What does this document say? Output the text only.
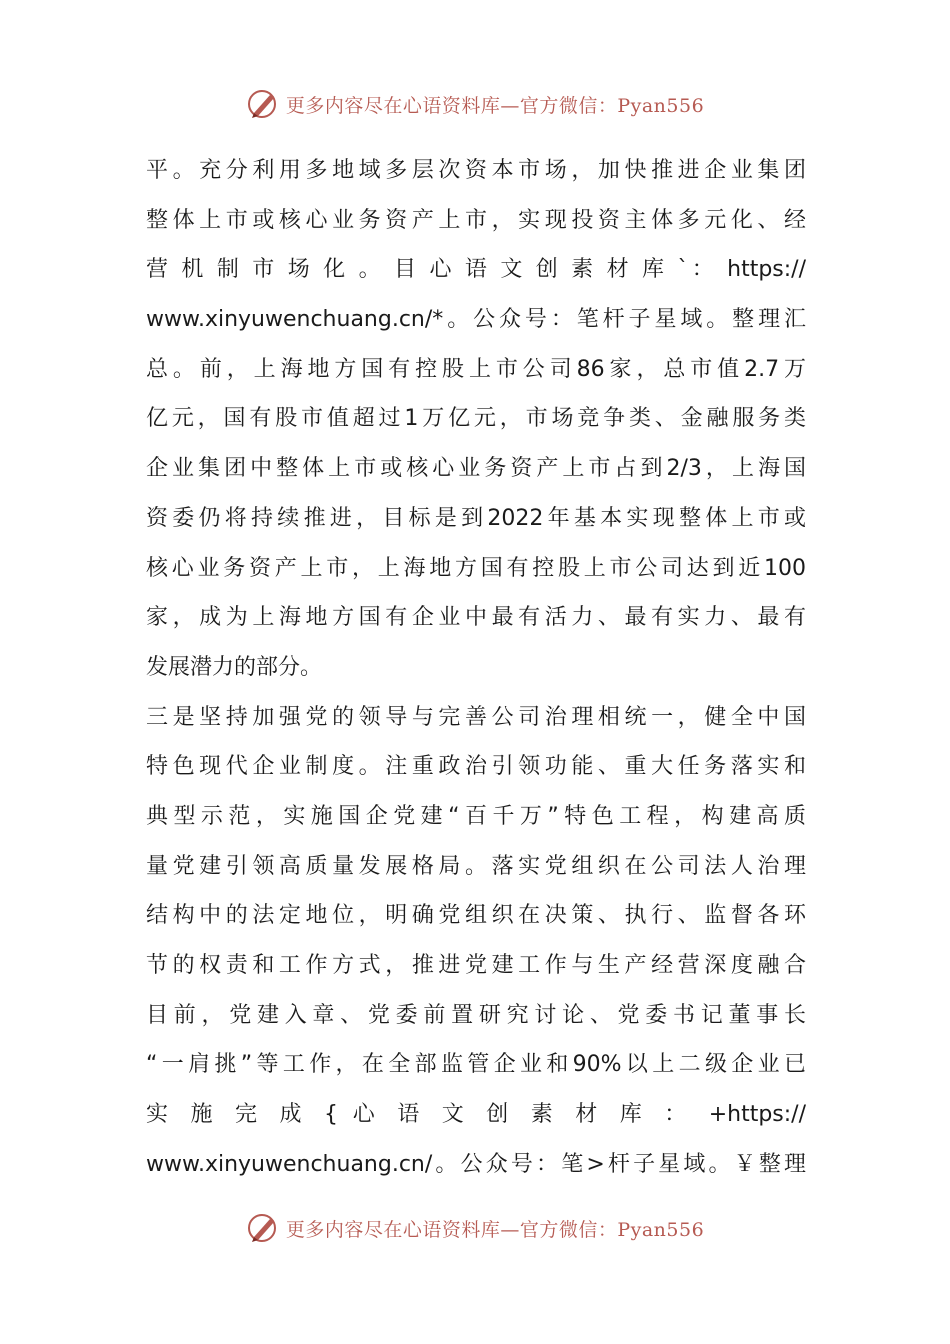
更多内容尽在心语资料库—官方微信：Pyan556
平。充分利用多地域多层次资本市场，加快推进企业集团
整体上市或核心业务资产上市，实现投资主体多元化、经
营 机 制 市 场 化 。 目 心 语 文 创 素 材 库 `： https://
www.xinyuwenchuang.cn/*。公众号：笔杆子星域。整理汇
总。前，上海地方国有控股上市公司86家，总市值2.7万
亿元，国有股市值超过1万亿元，市场竞争类、金融服务类
企业集团中整体上市或核心业务资产上市占到2/3，上海国
资委仍将持续推进，目标是到2022年基本实现整体上市或
核心业务资产上市，上海地方国有控股上市公司达到近100
家，成为上海地方国有企业中最有活力、最有实力、最有
发展潜力的部分。
三是坚持加强党的领导与完善公司治理相统一，健全中国
特色现代企业制度。注重政治引领功能、重大任务落实和
典型示范，实施国企党建“百千万”特色工程，构建高质
量党建引领高质量发展格局。落实党组织在公司法人治理
结构中的法定地位，明确党组织在决策、执行、监督各环
节的权责和工作方式，推进党建工作与生产经营深度融合
目前，党建入章、党委前置研究讨论、党委书记董事长
“一肩挑”等工作，在全部监管企业和90%以上二级企业已
实 施 完 成 { 心 语 文 创 素 材 库 ： +https://
www.xinyuwenchuang.cn/。公众号：笔>杆子星域。￥整理
更多内容尽在心语资料库—官方微信：Pyan556
